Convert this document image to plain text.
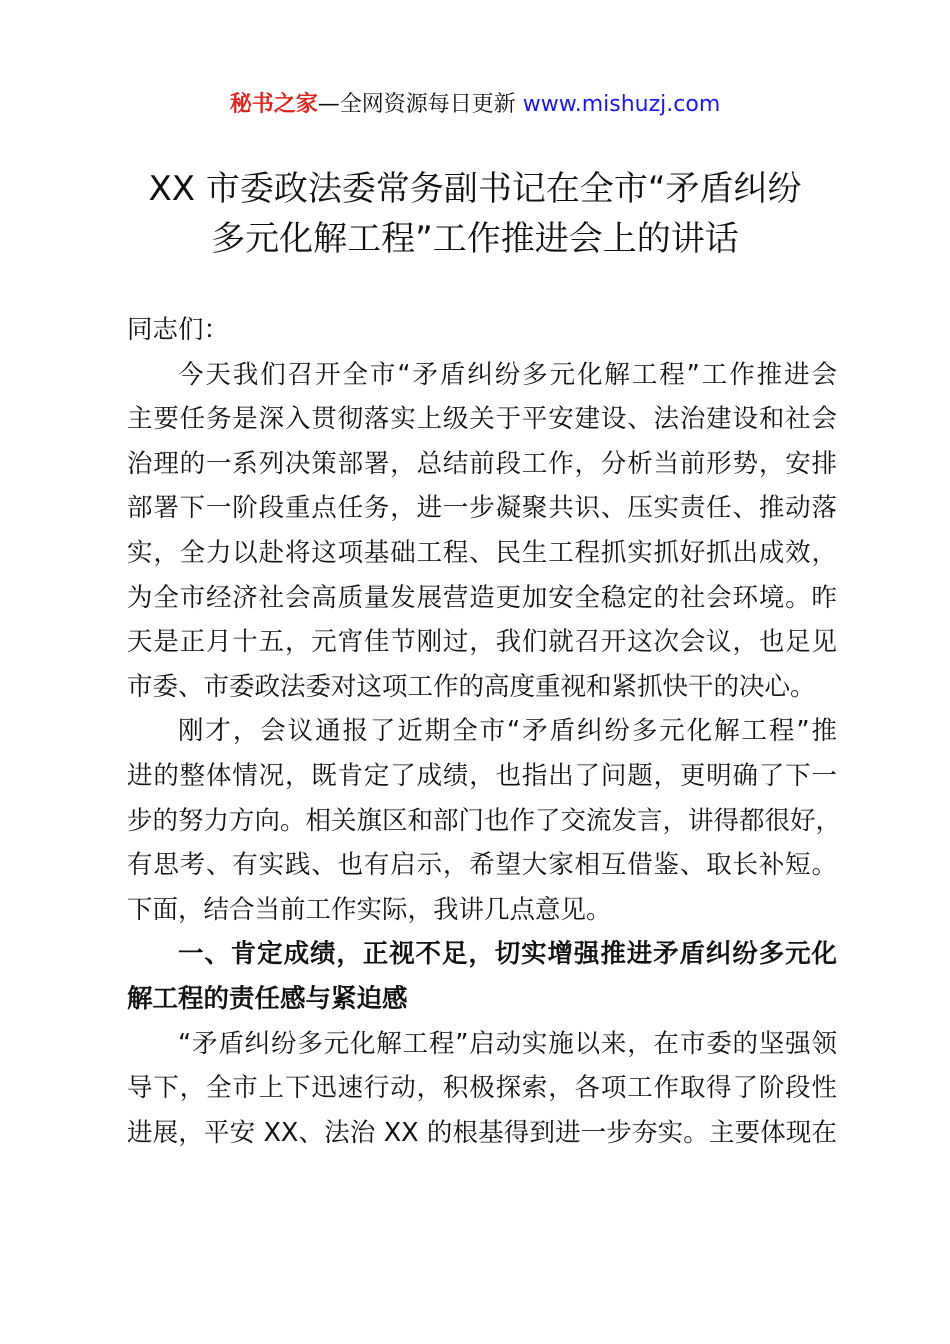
秘书之家—全网资源每日更新 www.mishuzj.com
XX 市委政法委常务副书记在全市“矛盾纠纷
多元化解工程”工作推进会上的讲话
同志们：
今天我们召开全市“矛盾纠纷多元化解工程”工作推进会
主要任务是深入贯彻落实上级关于平安建设、法治建设和社会
治理的一系列决策部署，总结前段工作，分析当前形势，安排
部署下一阶段重点任务，进一步凝聚共识、压实责任、推动落
实，全力以赴将这项基础工程、民生工程抓实抓好抓出成效，
为全市经济社会高质量发展营造更加安全稳定的社会环境。昨
天是正月十五，元宵佳节刚过，我们就召开这次会议，也足见
市委、市委政法委对这项工作的高度重视和紧抓快干的决心。
刚才，会议通报了近期全市“矛盾纠纷多元化解工程”推
进的整体情况，既肯定了成绩，也指出了问题，更明确了下一
步的努力方向。相关旗区和部门也作了交流发言，讲得都很好，
有思考、有实践、也有启示，希望大家相互借鉴、取长补短。
下面，结合当前工作实际，我讲几点意见。
一、肯定成绩，正视不足，切实增强推进矛盾纠纷多元化
解工程的责任感与紧迫感
“矛盾纠纷多元化解工程”启动实施以来，在市委的坚强领
导下，全市上下迅速行动，积极探索，各项工作取得了阶段性
进展，平安 XX、法治 XX 的根基得到进一步夯实。主要体现在
